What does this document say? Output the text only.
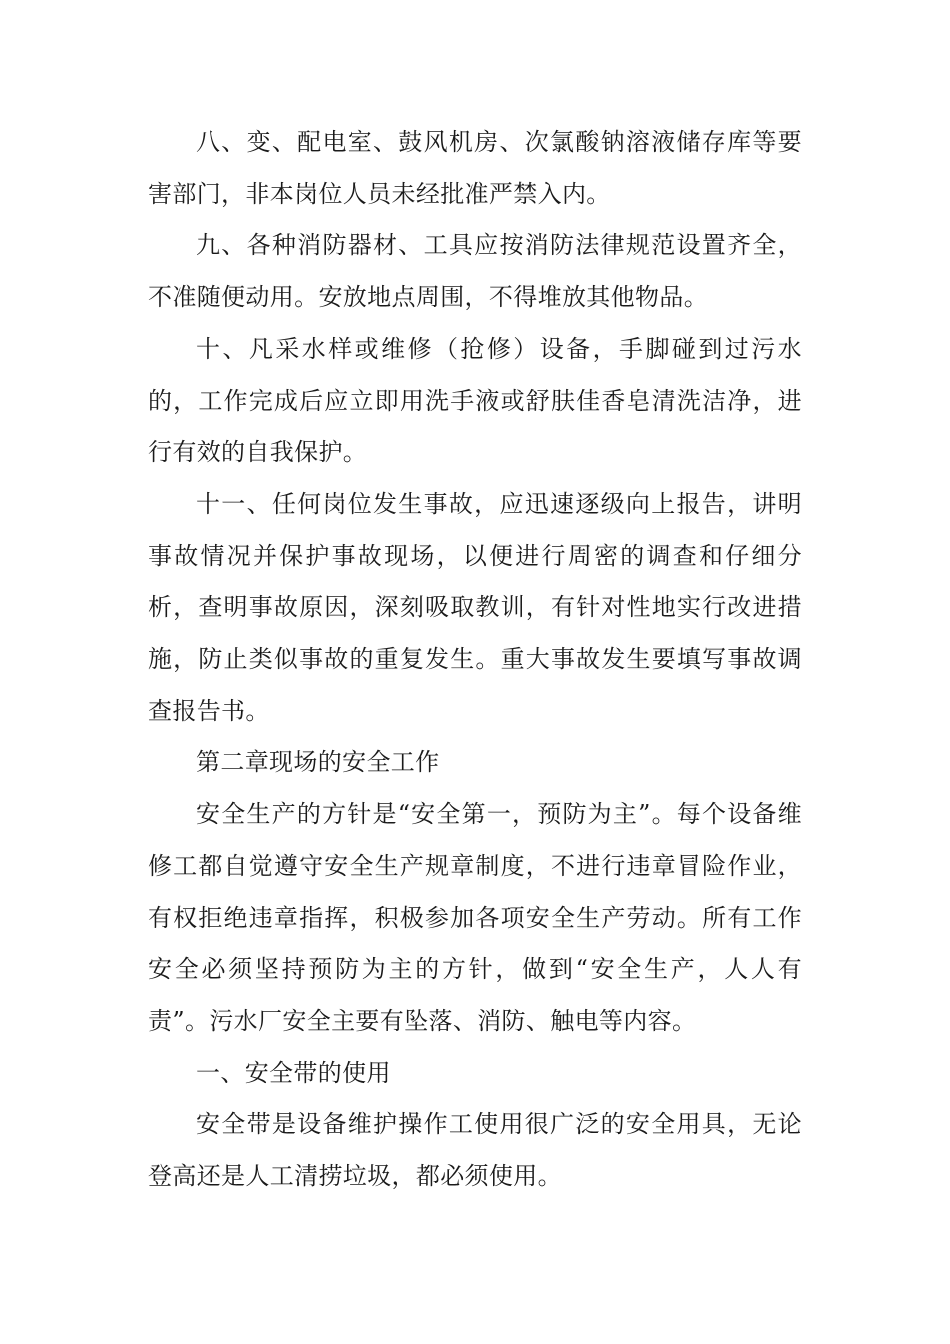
八、变、配电室、鼓风机房、次氯酸钠溶液储存库等要害部门，非本岗位人员未经批准严禁入内。

九、各种消防器材、工具应按消防法律规范设置齐全，不准随便动用。安放地点周围，不得堆放其他物品。

十、凡采水样或维修（抢修）设备，手脚碰到过污水的，工作完成后应立即用洗手液或舒肤佳香皂清洗洁净，进行有效的自我保护。

十一、任何岗位发生事故，应迅速逐级向上报告，讲明事故情况并保护事故现场，以便进行周密的调查和仔细分析，查明事故原因，深刻吸取教训，有针对性地实行改进措施，防止类似事故的重复发生。重大事故发生要填写事故调查报告书。

第二章现场的安全工作

安全生产的方针是“安全第一，预防为主”。每个设备维修工都自觉遵守安全生产规章制度，不进行违章冒险作业，有权拒绝违章指挥，积极参加各项安全生产劳动。所有工作安全必须坚持预防为主的方针，做到“安全生产，人人有责”。污水厂安全主要有坠落、消防、触电等内容。

一、安全带的使用

安全带是设备维护操作工使用很广泛的安全用具，无论登高还是人工清捞垃圾，都必须使用。
